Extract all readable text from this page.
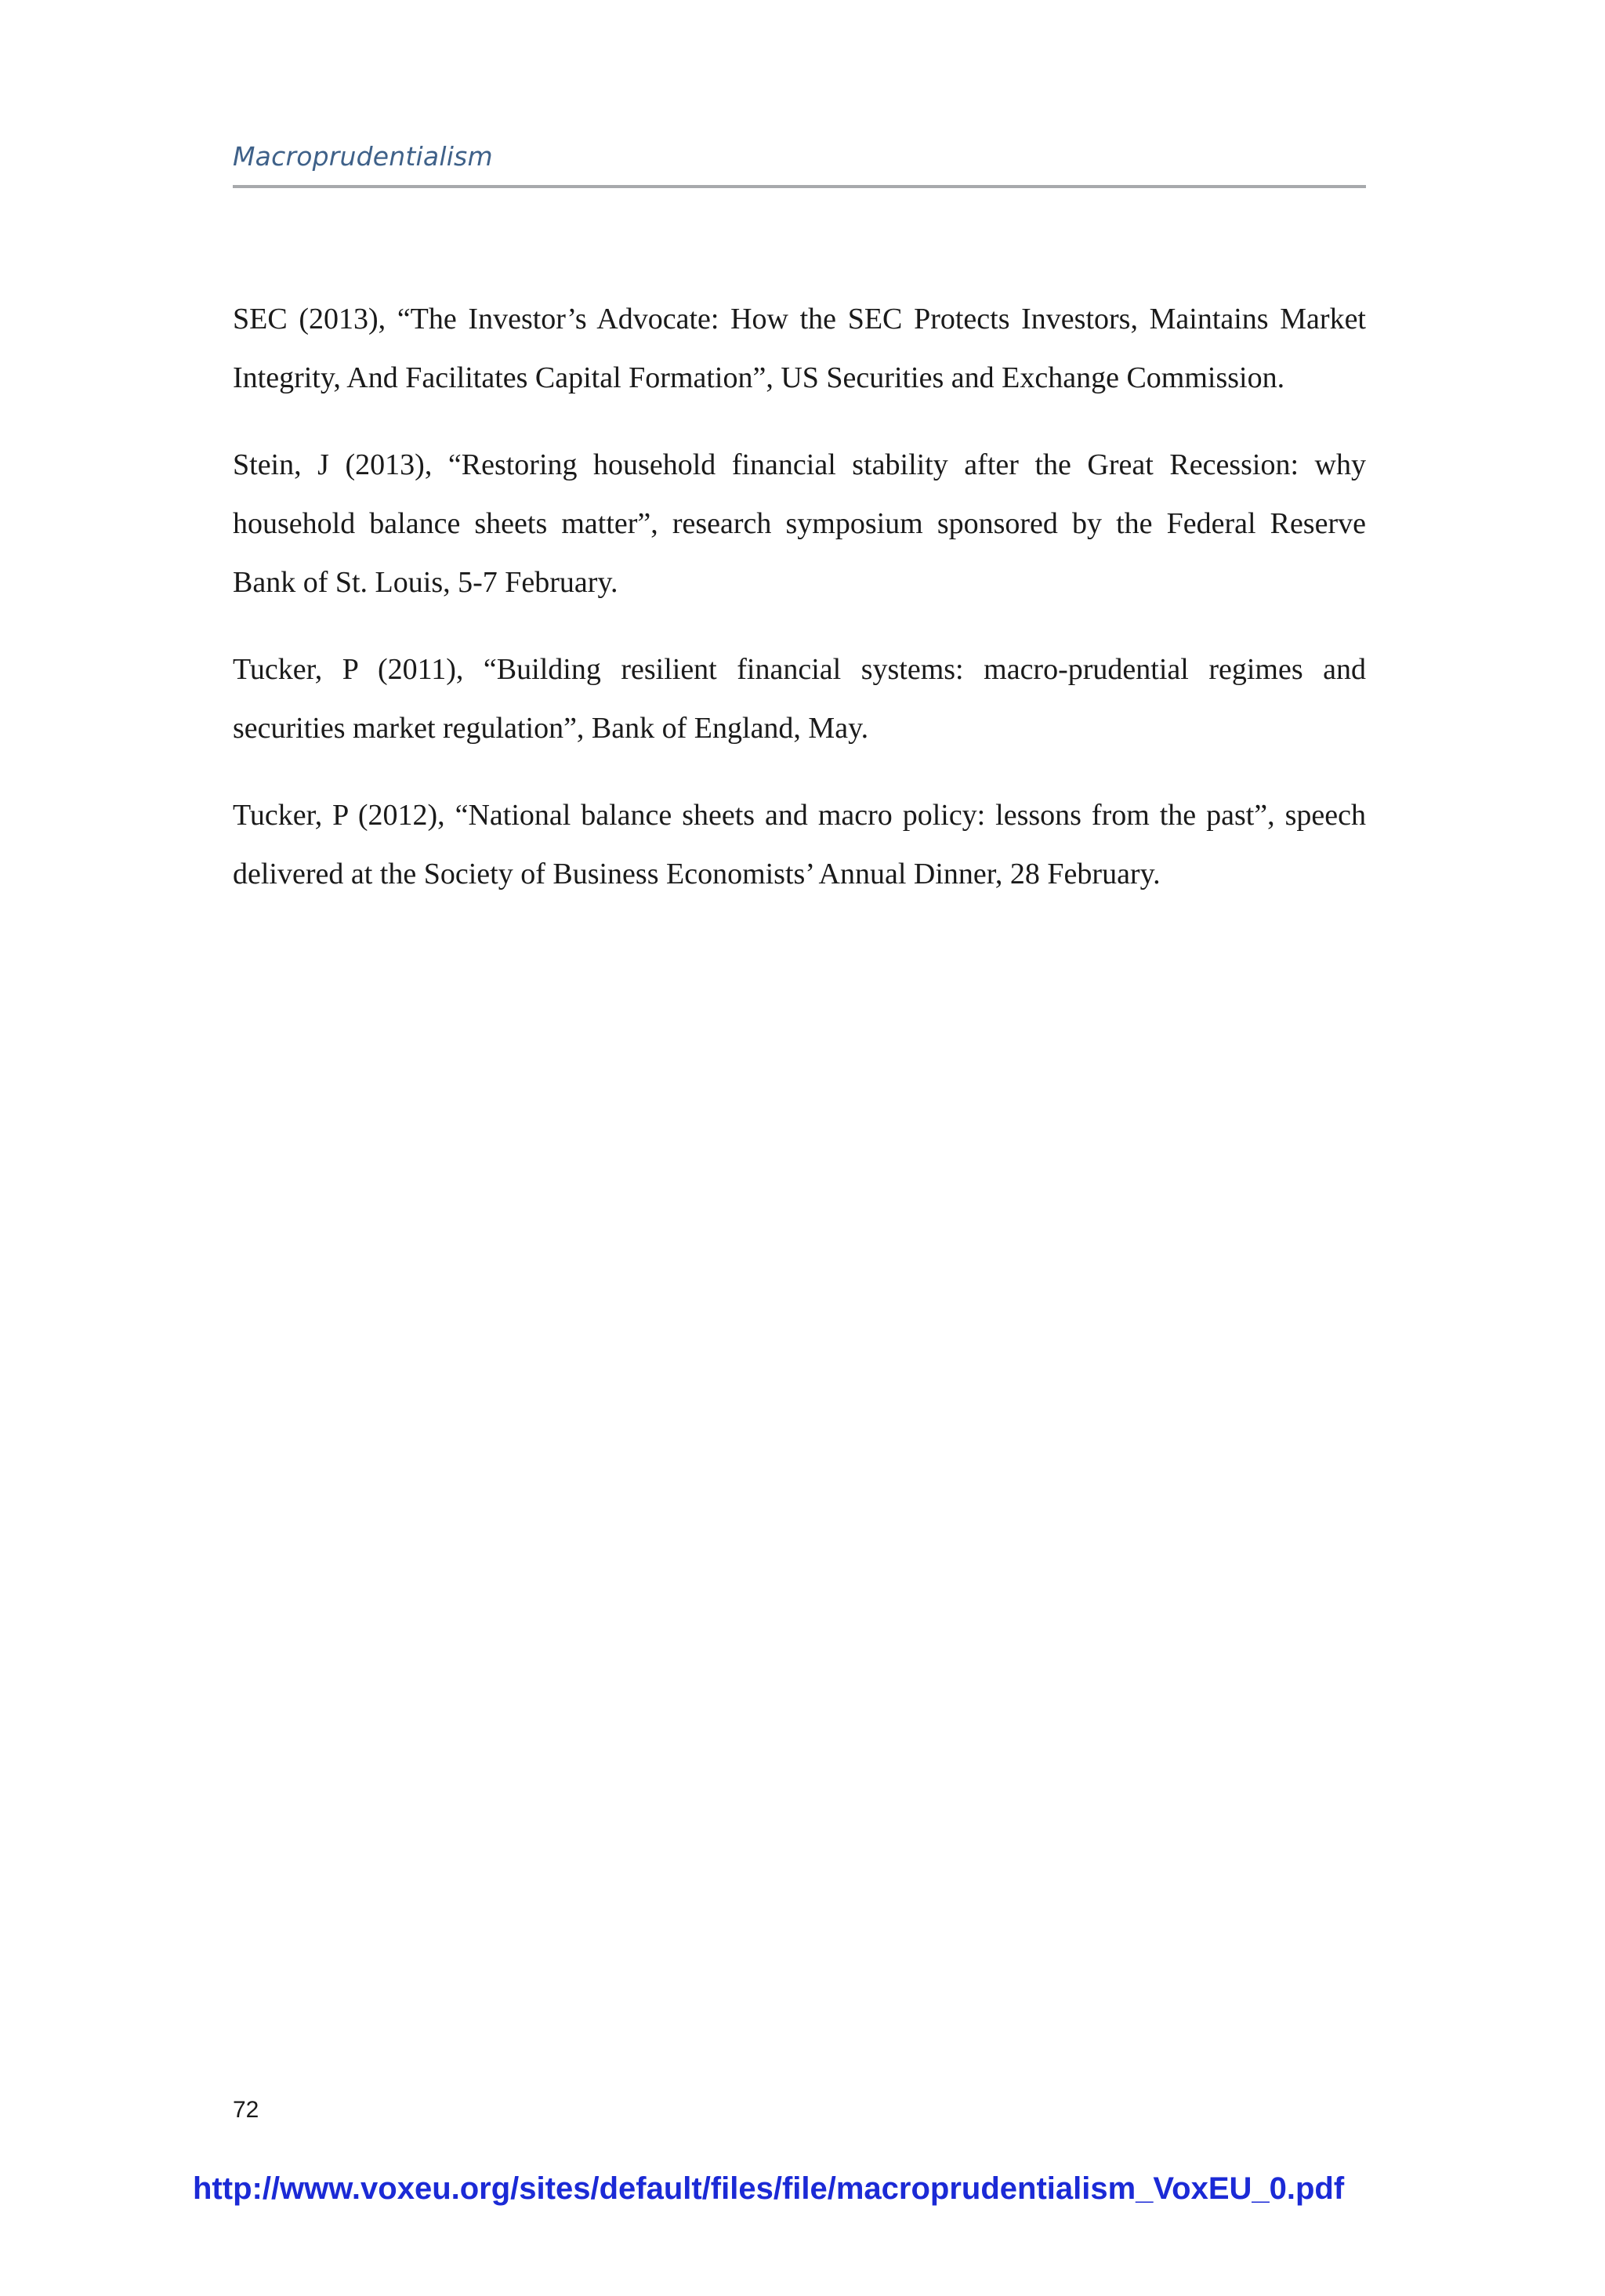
Macroprudentialism

SEC (2013), “The Investor’s Advocate: How the SEC Protects Investors, Maintains Market Integrity, And Facilitates Capital Formation”, US Securities and Exchange Commission.

Stein, J (2013), “Restoring household financial stability after the Great Recession: why household balance sheets matter”, research symposium sponsored by the Federal Reserve Bank of St. Louis, 5-7 February.

Tucker, P (2011), “Building resilient financial systems: macro-prudential regimes and securities market regulation”, Bank of England, May.

Tucker, P (2012), “National balance sheets and macro policy: lessons from the past”, speech delivered at the Society of Business Economists’ Annual Dinner, 28 February.

72
http://www.voxeu.org/sites/default/files/file/macroprudentialism_VoxEU_0.pdf
